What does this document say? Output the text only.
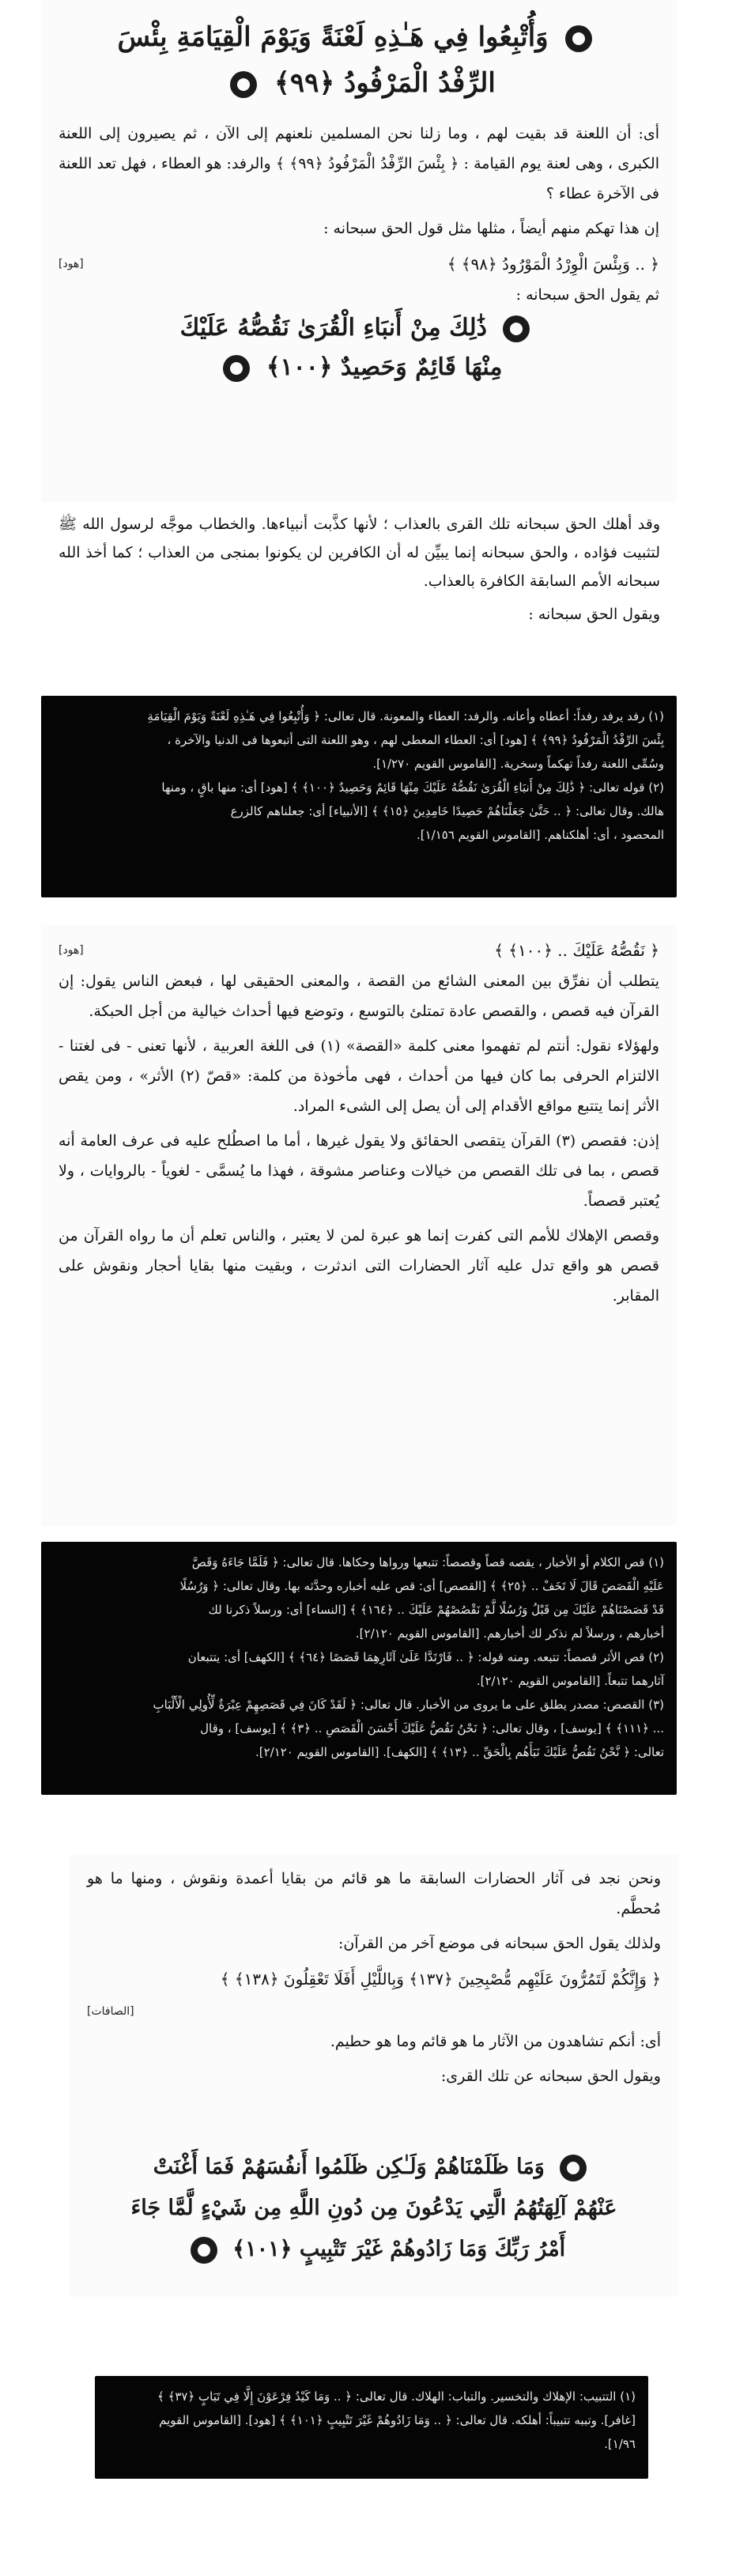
وَأُتْبِعُوا فِي هَـٰذِهِ لَعْنَةً وَيَوْمَ الْقِيَامَةِ بِئْسَ
الرِّفْدُ الْمَرْفُودُ ﴿٩٩﴾

أى: أن اللعنة قد بقيت لهم ، وما زلنا نحن المسلمين نلعنهم إلى الآن ، ثم يصيرون إلى اللعنة الكبرى ، وهى لعنة يوم القيامة : ﴿ بِئْسَ الرِّفْدُ الْمَرْفُودُ ﴿٩٩﴾ ﴾ والرفد: هو العطاء ، فهل تعد اللعنة فى الآخرة عطاء ؟

إن هذا تهكم منهم أيضاً ، مثلها مثل قول الحق سبحانه :

﴿ .. وَبِئْسَ الْوِرْدُ الْمَوْرُودُ ﴿٩٨﴾ ﴾
[هود]

ثم يقول الحق سبحانه :

ذَٰلِكَ مِنْ أَنبَاءِ الْقُرَىٰ نَقُصُّهُ عَلَيْكَ
مِنْهَا قَائِمٌ وَحَصِيدٌ ﴿١٠٠﴾

وقد أهلك الحق سبحانه تلك القرى بالعذاب ؛ لأنها كذَّبت أنبياءها. والخطاب موجَّه لرسول الله ﷺ لتثبيت فؤاده ، والحق سبحانه إنما يبيِّن له أن الكافرين لن يكونوا بمنجى من العذاب ؛ كما أخذ الله سبحانه الأمم السابقة الكافرة بالعذاب.

ويقول الحق سبحانه :

(١) رفد يرفد رفداً: أعطاه وأعانه. والرفد: العطاء والمعونة. قال تعالى: ﴿ وَأُتْبِعُوا فِي هَـٰذِهِ لَعْنَةً وَيَوْمَ الْقِيَامَةِ

بِئْسَ الرِّفْدُ الْمَرْفُودُ ﴿٩٩﴾ ﴾ [هود] أى: العطاء المعطى لهم ، وهو اللعنة التى أتبعوها فى الدنيا والآخرة ،

وسُمِّى اللعنة رفداً تهكماً وسخرية. [القاموس القويم ١/٢٧٠].

(٢) قوله تعالى: ﴿ ذَٰلِكَ مِنْ أَنبَاءِ الْقُرَىٰ نَقُصُّهُ عَلَيْكَ مِنْهَا قَائِمٌ وَحَصِيدٌ ﴿١٠٠﴾ ﴾ [هود] أى: منها باقٍ ، ومنها

هالك. وقال تعالى: ﴿ .. حَتَّىٰ جَعَلْنَاهُمْ حَصِيدًا خَامِدِينَ ﴿١٥﴾ ﴾ [الأنبياء] أى: جعلناهم كالزرع

المحصود ، أى: أهلكناهم. [القاموس القويم ١/١٥٦].

﴿ نَقُصُّهُ عَلَيْكَ .. ﴿١٠٠﴾ ﴾
[هود]

يتطلب أن نفرِّق بين المعنى الشائع من القصة ، والمعنى الحقيقى لها ، فبعض الناس يقول: إن القرآن فيه قصص ، والقصص عادة تمتلئ بالتوسع ، وتوضع فيها أحداث خيالية من أجل الحبكة.

ولهؤلاء نقول: أنتم لم تفهموا معنى كلمة «القصة» (١) فى اللغة العربية ، لأنها تعنى - فى لغتنا - الالتزام الحرفى بما كان فيها من أحداث ، فهى مأخوذة من كلمة: «قصّ (٢) الأثر» ، ومن يقص الأثر إنما يتتبع مواقع الأقدام إلى أن يصل إلى الشىء المراد.

إذن: فقصص (٣) القرآن يتقصى الحقائق ولا يقول غيرها ، أما ما اصطُلح عليه فى عرف العامة أنه قصص ، بما فى تلك القصص من خيالات وعناصر مشوقة ، فهذا ما يُسمَّى - لغوياً - بالروايات ، ولا يُعتبر قصصاً.

وقصص الإهلاك للأمم التى كفرت إنما هو عبرة لمن لا يعتبر ، والناس تعلم أن ما رواه القرآن من قصص هو واقع تدل عليه آثار الحضارات التى اندثرت ، وبقيت منها بقايا أحجار ونقوش على المقابر.

(١) قص الكلام أو الأخبار ، يقصه قصاً وقصصاً: تتبعها ورواها وحكاها. قال تعالى: ﴿ فَلَمَّا جَاءَهُ وَقَصَّ

عَلَيْهِ الْقَصَصَ قَالَ لَا تَخَفْ .. ﴿٢٥﴾ ﴾ [القصص] أى: قص عليه أخباره وحدَّثه بها. وقال تعالى: ﴿ وَرُسُلًا

قَدْ قَصَصْنَاهُمْ عَلَيْكَ مِن قَبْلُ وَرُسُلًا لَّمْ نَقْصُصْهُمْ عَلَيْكَ .. ﴿١٦٤﴾ ﴾ [النساء] أى: ورسلاً ذكرنا لك

أخبارهم ، ورسلاً لم نذكر لك أخبارهم. [القاموس القويم ٢/١٢٠].

(٢) قص الأثر قصصاً: تتبعه. ومنه قوله: ﴿ .. فَارْتَدَّا عَلَىٰ آثَارِهِمَا قَصَصًا ﴿٦٤﴾ ﴾ [الكهف] أى: يتتبعان

آثارهما تتبعاً. [القاموس القويم ٢/١٢٠].

(٣) القصص: مصدر يطلق على ما يروى من الأخبار. قال تعالى: ﴿ لَقَدْ كَانَ فِي قَصَصِهِمْ عِبْرَةٌ لِّأُولِي الْأَلْبَابِ

... ﴿١١١﴾ ﴾ [يوسف] ، وقال تعالى: ﴿ نَحْنُ نَقُصُّ عَلَيْكَ أَحْسَنَ الْقَصَصِ .. ﴿٣﴾ ﴾ [يوسف] ، وقال

تعالى: ﴿ نَّحْنُ نَقُصُّ عَلَيْكَ نَبَأَهُم بِالْحَقِّ .. ﴿١٣﴾ ﴾ [الكهف]. [القاموس القويم ٢/١٢٠].

ونحن نجد فى آثار الحضارات السابقة ما هو قائم من بقايا أعمدة ونقوش ، ومنها ما هو مُحطَّم.

ولذلك يقول الحق سبحانه فى موضع آخر من القرآن:

﴿ وَإِنَّكُمْ لَتَمُرُّونَ عَلَيْهِم مُّصْبِحِينَ ﴿١٣٧﴾ وَبِاللَّيْلِ أَفَلَا تَعْقِلُونَ ﴿١٣٨﴾ ﴾
[الصافات]

أى: أنكم تشاهدون من الآثار ما هو قائم وما هو حطيم.

ويقول الحق سبحانه عن تلك القرى:

وَمَا ظَلَمْنَاهُمْ وَلَـٰكِن ظَلَمُوا أَنفُسَهُمْ فَمَا أَغْنَتْ
عَنْهُمْ آلِهَتُهُمُ الَّتِي يَدْعُونَ مِن دُونِ اللَّهِ مِن شَيْءٍ لَّمَّا جَاءَ
أَمْرُ رَبِّكَ وَمَا زَادُوهُمْ غَيْرَ تَتْبِيبٍ ﴿١٠١﴾

(١) التتبيب: الإهلاك والتخسير. والتباب: الهلاك. قال تعالى: ﴿ .. وَمَا كَيْدُ فِرْعَوْنَ إِلَّا فِي تَبَابٍ ﴿٣٧﴾ ﴾

[غافر]. وتببه تتبيباً: أهلكه. قال تعالى: ﴿ .. وَمَا زَادُوهُمْ غَيْرَ تَتْبِيبٍ ﴿١٠١﴾ ﴾ [هود]. [القاموس القويم

١/٩٦].
